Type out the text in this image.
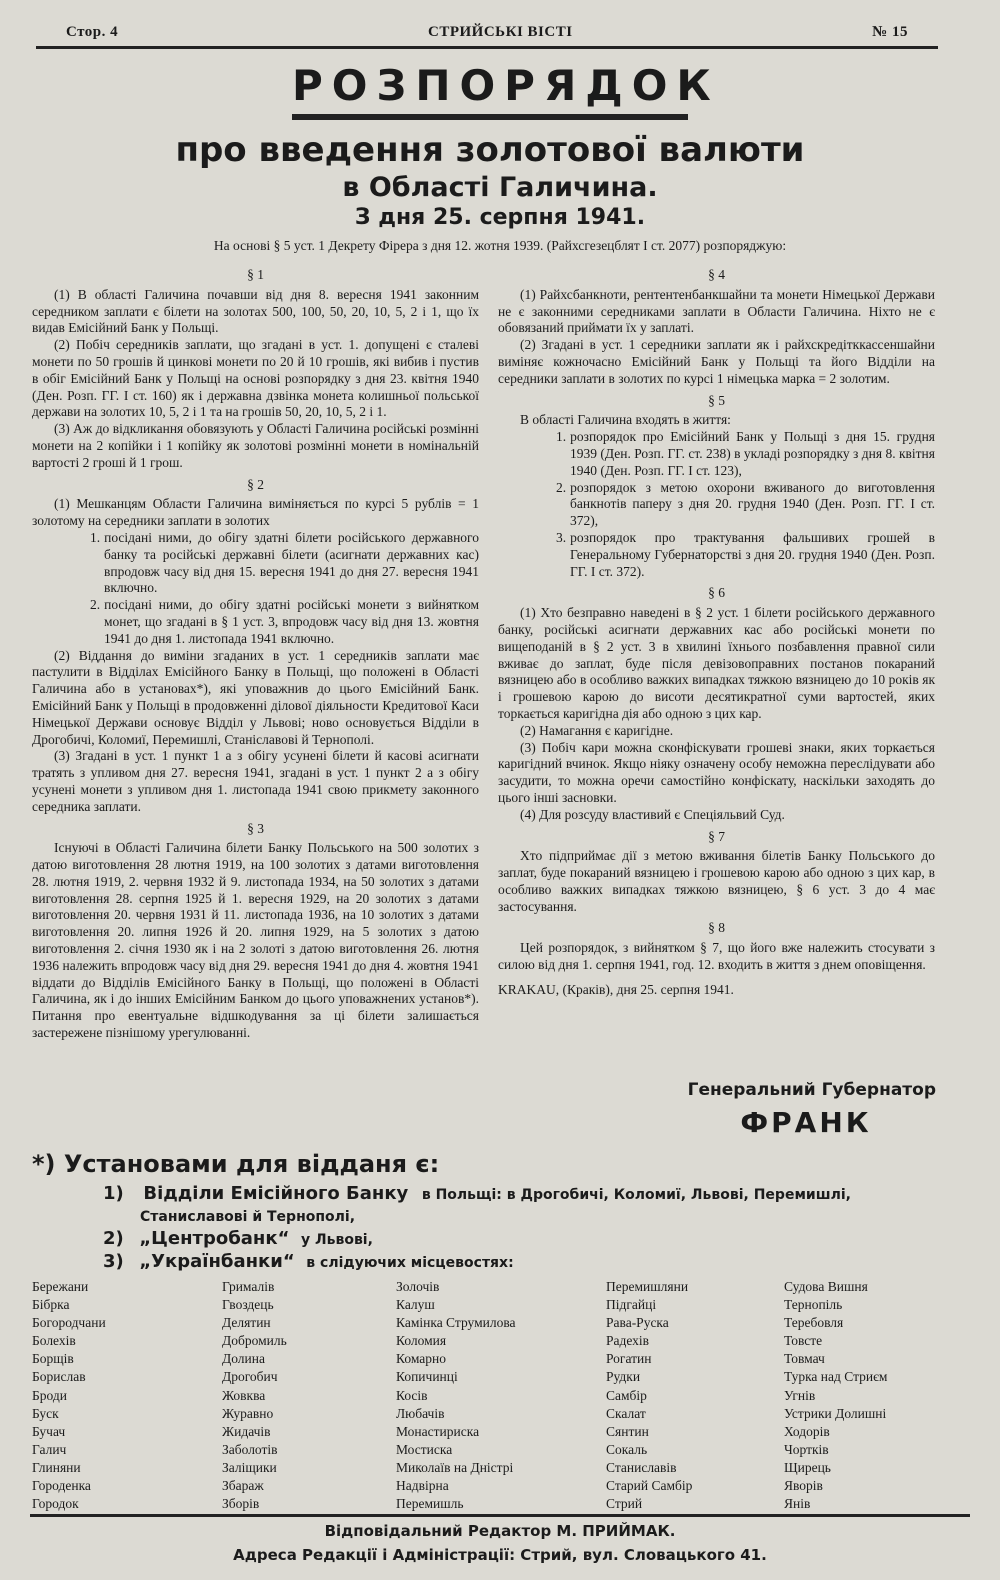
Стор. 4	СТРИЙСЬКІ ВІСТІ	№ 15
РОЗПОРЯДОК
про введення золотової валюти
в Області Галичина.
З дня 25. серпня 1941.
На основі § 5 уст. 1 Декрету Фірера з дня 12. жотня 1939. (Райхсгезецблят I ст. 2077) розпоряджую:

§ 1

(1) В області Галичина почавши від дня 8. вересня 1941 законним середником заплати є білети на золотах 500, 100, 50, 20, 10, 5, 2 і 1, що їх видав Емісійний Банк у Польщі.

(2) Побіч середників заплати, що згадані в уст. 1. допущені є сталеві монети по 50 грошів й цинкові монети по 20 й 10 грошів, які вибив і пустив в обіг Емісійний Банк у Польщі на основі розпорядку з дня 23. квітня 1940 (Ден. Розп. ГГ. I ст. 160) як і державна дзвінка монета колишньої польської держави на золотих 10, 5, 2 і 1 та на грошів 50, 20, 10, 5, 2 і 1.

(3) Аж до відкликання обовязують у Області Галичина російські розмінні монети на 2 копійки і 1 копійку як золотові розмінні монети в номінальній вартості 2 гроші й 1 грош.

§ 2

(1) Мешканцям Области Галичина виміняється по курсі 5 рублів = 1 золотому на середники заплати в золотих

1. посідані ними, до обігу здатні білети російського державного банку та російські державні білети (асигнати державних кас) впродовж часу від дня 15. вересня 1941 до дня 27. вересня 1941 включно.
2. посідані ними, до обігу здатні російські монети з вийнятком монет, що згадані в § 1 уст. 3, впродовж часу від дня 13. жовтня 1941 до дня 1. листопада 1941 включно.

(2) Віддання до виміни згаданих в уст. 1 середників заплати має пастулити в Відділах Емісійного Банку в Польщі, що положені в Області Галичина або в установах*), які уповажнив до цього Емісійний Банк. Емісійний Банк у Польщі в продовженні ділової діяльности Кредитової Каси Німецької Держави основує Відділ у Львові; ново основується Відділи в Дрогобичі, Коломиї, Перемишлі, Станіславові й Тернополі.

(3) Згадані в уст. 1 пункт 1 а з обігу усунені білети й касові асигнати тратять з упливом дня 27. вересня 1941, згадані в уст. 1 пункт 2 а з обігу усунені монети з упливом дня 1. листопада 1941 свою прикмету законного середника заплати.

§ 3

Існуючі в Області Галичина білети Банку Польського на 500 золотих з датою виготовлення 28 лютня 1919, на 100 золотих з датами виготовлення 28. лютня 1919, 2. червня 1932 й 9. листопада 1934, на 50 золотих з датами виготовлення 28. серпня 1925 й 1. вересня 1929, на 20 золотих з датами виготовлення 20. червня 1931 й 11. листопада 1936, на 10 золотих з датами виготовлення 20. липня 1926 й 20. липня 1929, на 5 золотих з датою виготовлення 2. січня 1930 як і на 2 золоті з датою виготовлення 26. лютня 1936 належить впродовж часу від дня 29. вересня 1941 до дня 4. жовтня 1941 віддати до Відділів Емісійного Банку в Польщі, що положені в Області Галичина, як і до інших Емісійним Банком до цього уповажнених установ*). Питання про евентуальне відшкодування за ці білети залишається застережене пізнішому урегулюванні.

§ 4

(1) Райхсбанкноти, рентентенбанкшайни та монети Німецької Держави не є законними середниками заплати в Области Галичина. Ніхто не є обовязаний приймати їх у заплаті.

(2) Згадані в уст. 1 середники заплати як і райхскредітккассеншайни виміняє кожночасно Емісійний Банк у Польщі та його Відділи на середники заплати в золотих по курсі 1 німецька марка = 2 золотим.

§ 5

В області Галичина входять в життя:

1. розпорядок про Емісійний Банк у Польщі з дня 15. грудня 1939 (Ден. Розп. ГГ. ст. 238) в укладі розпорядку з дня 8. квітня 1940 (Ден. Розп. ГГ. I ст. 123),
2. розпорядок з метою охорони вживаного до виготовлення банкнотів паперу з дня 20. грудня 1940 (Ден. Розп. ГГ. I ст. 372),
3. розпорядок про трактування фальшивих грошей в Генеральному Губернаторстві з дня 20. грудня 1940 (Ден. Розп. ГГ. I ст. 372).

§ 6

(1) Хто безправно наведені в § 2 уст. 1 білети російського державного банку, російські асигнати державних кас або російські монети по вищеподаній в § 2 уст. 3 в хвилині їхнього позбавлення правної сили вживає до заплат, буде після девізовоправних постанов покараний вязницею або в особливо важких випадках тяжкою вязницею до 10 років як і грошевою карою до висоти десятикратної суми вартостей, яких торкається каригідна дія або одною з цих кар.

(2) Намагання є каригідне.

(3) Побіч кари можна сконфіскувати грошеві знаки, яких торкається каригідний вчинок. Якщо ніяку означену особу неможна переслідувати або засудити, то можна оречи самостійно конфіскату, наскільки заходять до цього інші засновки.

(4) Для розсуду властивий є Спеціяльвий Суд.

§ 7

Хто підприймає дії з метою вживання білетів Банку Польського до заплат, буде покараний вязницею і грошевою карою або одною з цих кар, в особливо важких випадках тяжкою вязницею, § 6 уст. 3 до 4 має застосування.

§ 8

Цей розпорядок, з вийнятком § 7, що його вже належить стосувати з силою від дня 1. серпня 1941, год. 12. входить в життя з днем оповіщення.

KRAKAU, (Краків), дня 25. серпня 1941.

Генеральний Губернатор
ФРАНК
*) Установами для відданя є:
1) Відділи Емісійного Банку в Польщі: в Дрогобичі, Коломиї, Львові, Перемишлі,
Станиславові й Тернополі,
2) „Центробанк“ у Львові,
3) „Українбанки“ в слідуючих місцевостях:
Бережани
Бібрка
Богородчани
Болехів
Борщів
Борислав
Броди
Буск
Бучач
Галич
Глиняни
Городенка
Городок
Грималів
Гвоздець
Делятин
Добромиль
Долина
Дрогобич
Жовква
Журавно
Жидачів
Заболотів
Заліщики
Збараж
Зборів
Золочів
Калуш
Камінка Струмилова
Коломия
Комарно
Копичинці
Косів
Любачів
Монастириска
Мостиска
Миколаїв на Дністрі
Надвірна
Перемишль
Перемишляни
Підгайці
Рава-Руска
Радехів
Рогатин
Рудки
Самбір
Скалат
Сянтин
Сокаль
Станиславів
Старий Самбір
Стрий
Судова Вишня
Тернопіль
Теребовля
Товсте
Товмач
Турка над Стриєм
Угнів
Устрики Долишні
Ходорів
Чортків
Щирець
Яворів
Янів
Відповідальний Редактор М. ПРИЙМАК.
Адреса Редакції і Адміністрації: Стрий, вул. Словацького 41.
